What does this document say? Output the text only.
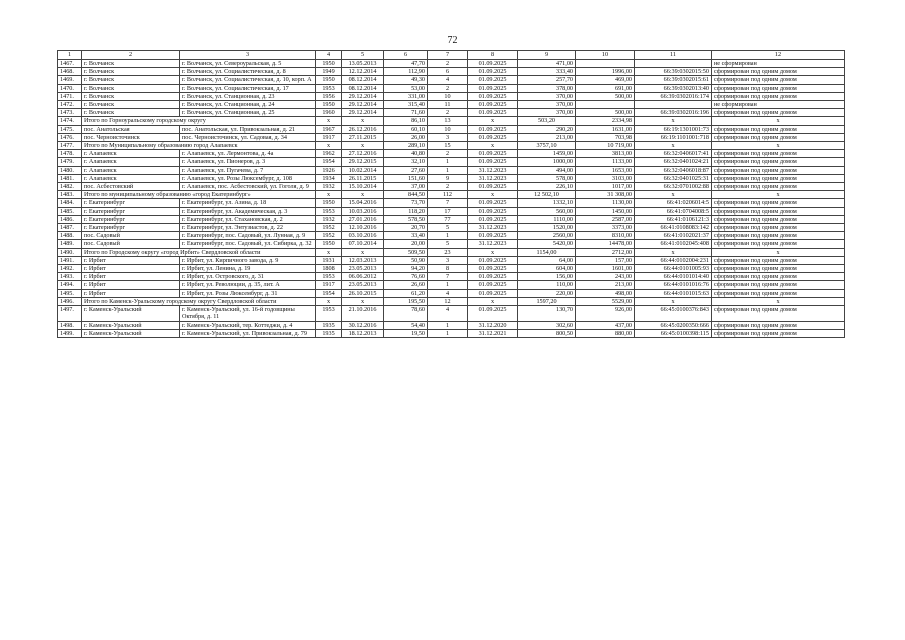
72
1	2	3	4	5	6	7	8	9	10	11	12
1467.	г. Волчанск	г. Волчанск, ул. Североуральская, д. 5	1950	13.05.2013	47,70	2	01.09.2025	471,00			не сформирован
1468.	г. Волчанск	г. Волчанск, ул. Социалистическая, д. 8	1949	12.12.2014	112,90	6	01.09.2025	333,40	1996,00	66:39:0302015:50	сформирован под одним домом
1469.	г. Волчанск	г. Волчанск, ул. Социалистическая, д. 10, корп. А	1950	08.12.2014	49,30	4	01.09.2025	257,70	469,00	66:39:0302015:61	сформирован под одним домом
1470.	г. Волчанск	г. Волчанск, ул. Социалистическая, д. 17	1953	08.12.2014	53,00	2	01.09.2025	378,00	691,00	66:39:0302013:40	сформирован под одним домом
1471.	г. Волчанск	г. Волчанск, ул. Станционная, д. 23	1956	29.12.2014	331,00	10	01.09.2025	370,00	500,00	66:39:0302016:174	сформирован под одним домом
1472.	г. Волчанск	г. Волчанск, ул. Станционная, д. 24	1950	29.12.2014	315,40	11	01.09.2025	370,00			не сформирован
1473.	г. Волчанск	г. Волчанск, ул. Станционная, д. 25	1960	29.12.2014	71,60	2	01.09.2025	370,00	500,00	66:39:0302016:196	сформирован под одним домом
1474.	Итого по Горноуральскому городскому округу		x	x	86,10	13	x	503,20	2334,98	x	x
1475.	пос. Анатольская	пос. Анатольская, ул. Привокзальная, д. 21	1967	26.12.2016	60,10	10	01.09.2025	290,20	1631,00	66:19:1301001:73	сформирован под одним домом
1476.	пос. Черноисточинск	пос. Черноисточинск, ул. Садовая, д. 34	1917	27.11.2015	26,00	3	01.09.2025	213,00	703,98	66:19:1101001:718	сформирован под одним домом
1477.	Итого по Муниципальному образованию город Алапаевск		x	x	289,10	15	x	3757,10	10 719,00	x	x
1478.	г. Алапаевск	г. Алапаевск, ул. Лермонтова, д. 4а	1962	27.12.2016	40,80	2	01.09.2025	1459,00	3813,00	66:32:0406017:41	сформирован под одним домом
1479.	г. Алапаевск	г. Алапаевск, ул. Пионеров, д. 3	1954	29.12.2015	32,10	1	01.09.2025	1000,00	1133,00	66:32:0401024:21	сформирован под одним домом
1480.	г. Алапаевск	г. Алапаевск, ул. Пугачева, д. 7	1926	10.02.2014	27,60	1	31.12.2023	494,00	1653,00	66:32:0406018:87	сформирован под одним домом
1481.	г. Алапаевск	г. Алапаевск, ул. Розы Люксембург, д. 108	1934	26.11.2015	151,60	9	31.12.2023	578,00	3103,00	66:32:0401025:31	сформирован под одним домом
1482.	пос. Асбестовский	г. Алапаевск, пос. Асбестовский, ул. Гоголя, д. 9	1932	15.10.2014	37,00	2	01.09.2025	226,10	1017,00	66:32:0701002:88	сформирован под одним домом
1483.	Итого по муниципальному образованию «город Екатеринбург»		x	x	844,50	112	x	12 502,10	31 308,00	x	x
1484.	г. Екатеринбург	г. Екатеринбург, ул. Азина, д. 18	1950	15.04.2016	73,70	7	01.09.2025	1332,10	1130,00	66:41:0206014:5	сформирован под одним домом
1485.	г. Екатеринбург	г. Екатеринбург, ул. Академическая, д. 3	1953	10.03.2016	118,20	17	01.09.2025	560,00	1450,00	66:41:0704008:5	сформирован под одним домом
1486.	г. Екатеринбург	г. Екатеринбург, ул. Стахановская, д. 2	1932	27.01.2016	578,50	77	01.09.2025	1110,00	2587,00	66:41:0106121:3	сформирован под одним домом
1487.	г. Екатеринбург	г. Екатеринбург, ул. Энтузиастов, д. 22	1952	12.10.2016	20,70	5	31.12.2023	1520,00	3373,00	66:41:0108083:142	сформирован под одним домом
1488.	пос. Садовый	г. Екатеринбург, пос. Садовый, ул. Лунная, д. 9	1952	03.10.2016	33,40	1	01.09.2025	2560,00	8310,00	66:41:0102021:37	сформирован под одним домом
1489.	пос. Садовый	г. Екатеринбург, пос. Садовый, ул. Сибирка, д. 32	1950	07.10.2014	20,00	5	31.12.2023	5420,00	14478,00	66:41:0102045:408	сформирован под одним домом
1490.	Итого по Городскому округу «город Ирбит» Свердловской области		x	x	509,50	23	x	1154,00	2712,00	x	x
1491.	г. Ирбит	г. Ирбит, ул. Кирпичного завода, д. 9	1931	12.03.2013	50,90	3	01.09.2025	64,00	157,00	66:44:0102004:231	сформирован под одним домом
1492.	г. Ирбит	г. Ирбит, ул. Ленина, д. 19	1808	23.05.2013	94,20	8	01.09.2025	604,00	1601,00	66:44:0101005:93	сформирован под одним домом
1493.	г. Ирбит	г. Ирбит, ул. Островского, д. 31	1953	06.06.2012	76,60	7	01.09.2025	156,00	243,00	66:44:0101014:40	сформирован под одним домом
1494.	г. Ирбит	г. Ирбит, ул. Революции, д. 35, лит. А	1917	23.05.2013	26,60	1	01.09.2025	110,00	213,00	66:44:0101016:76	сформирован под одним домом
1495.	г. Ирбит	г. Ирбит, ул. Розы Люксембург, д. 31	1954	26.10.2015	61,20	4	01.09.2025	220,00	498,00	66:44:0101015:63	сформирован под одним домом
1496.	Итого по Каменск-Уральскому городскому округу Свердловской области		x	x	195,50	12	x	1597,20	5529,00	x	x
1497.	г. Каменск-Уральский	г. Каменск-Уральский, ул. 16-й годовщины Октября, д. 11	1953	21.10.2016	78,60	4	01.09.2025	130,70	926,00	66:45:0100376:843	сформирован под одним домом
1498.	г. Каменск-Уральский	г. Каменск-Уральский, тер. Коттеджи, д. 4	1935	30.12.2016	54,40	1	31.12.2020	302,60	437,00	66:45:0200350:666	сформирован под одним домом
1499.	г. Каменск-Уральский	г. Каменск-Уральский, ул. Привокзальная, д. 79	1935	18.12.2013	19,50	1	31.12.2021	800,50	880,00	66:45:0100398:115	сформирован под одним домом
